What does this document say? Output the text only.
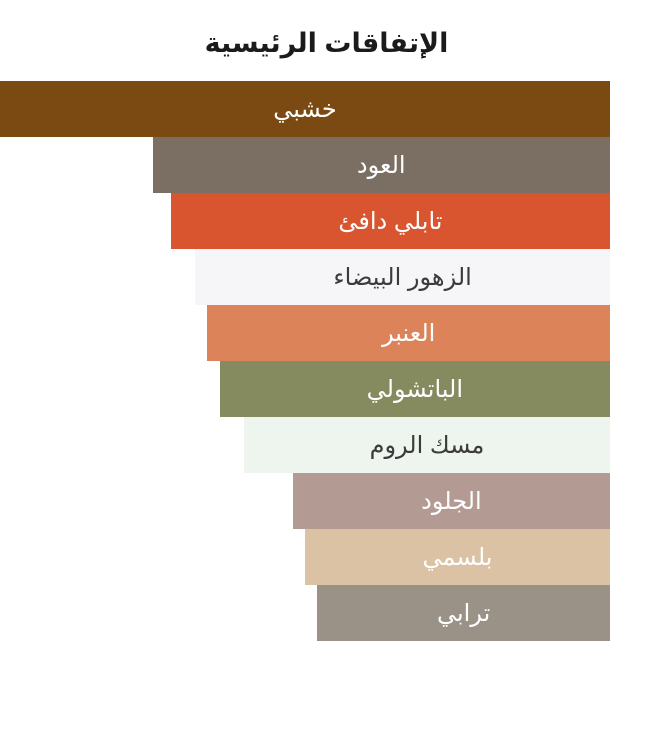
الإتفاقات الرئيسية
خشبي
العود
تابلي دافئ
الزهور البيضاء
العنبر
الباتشولي
مسك الروم
الجلود
بلسمي
ترابي
